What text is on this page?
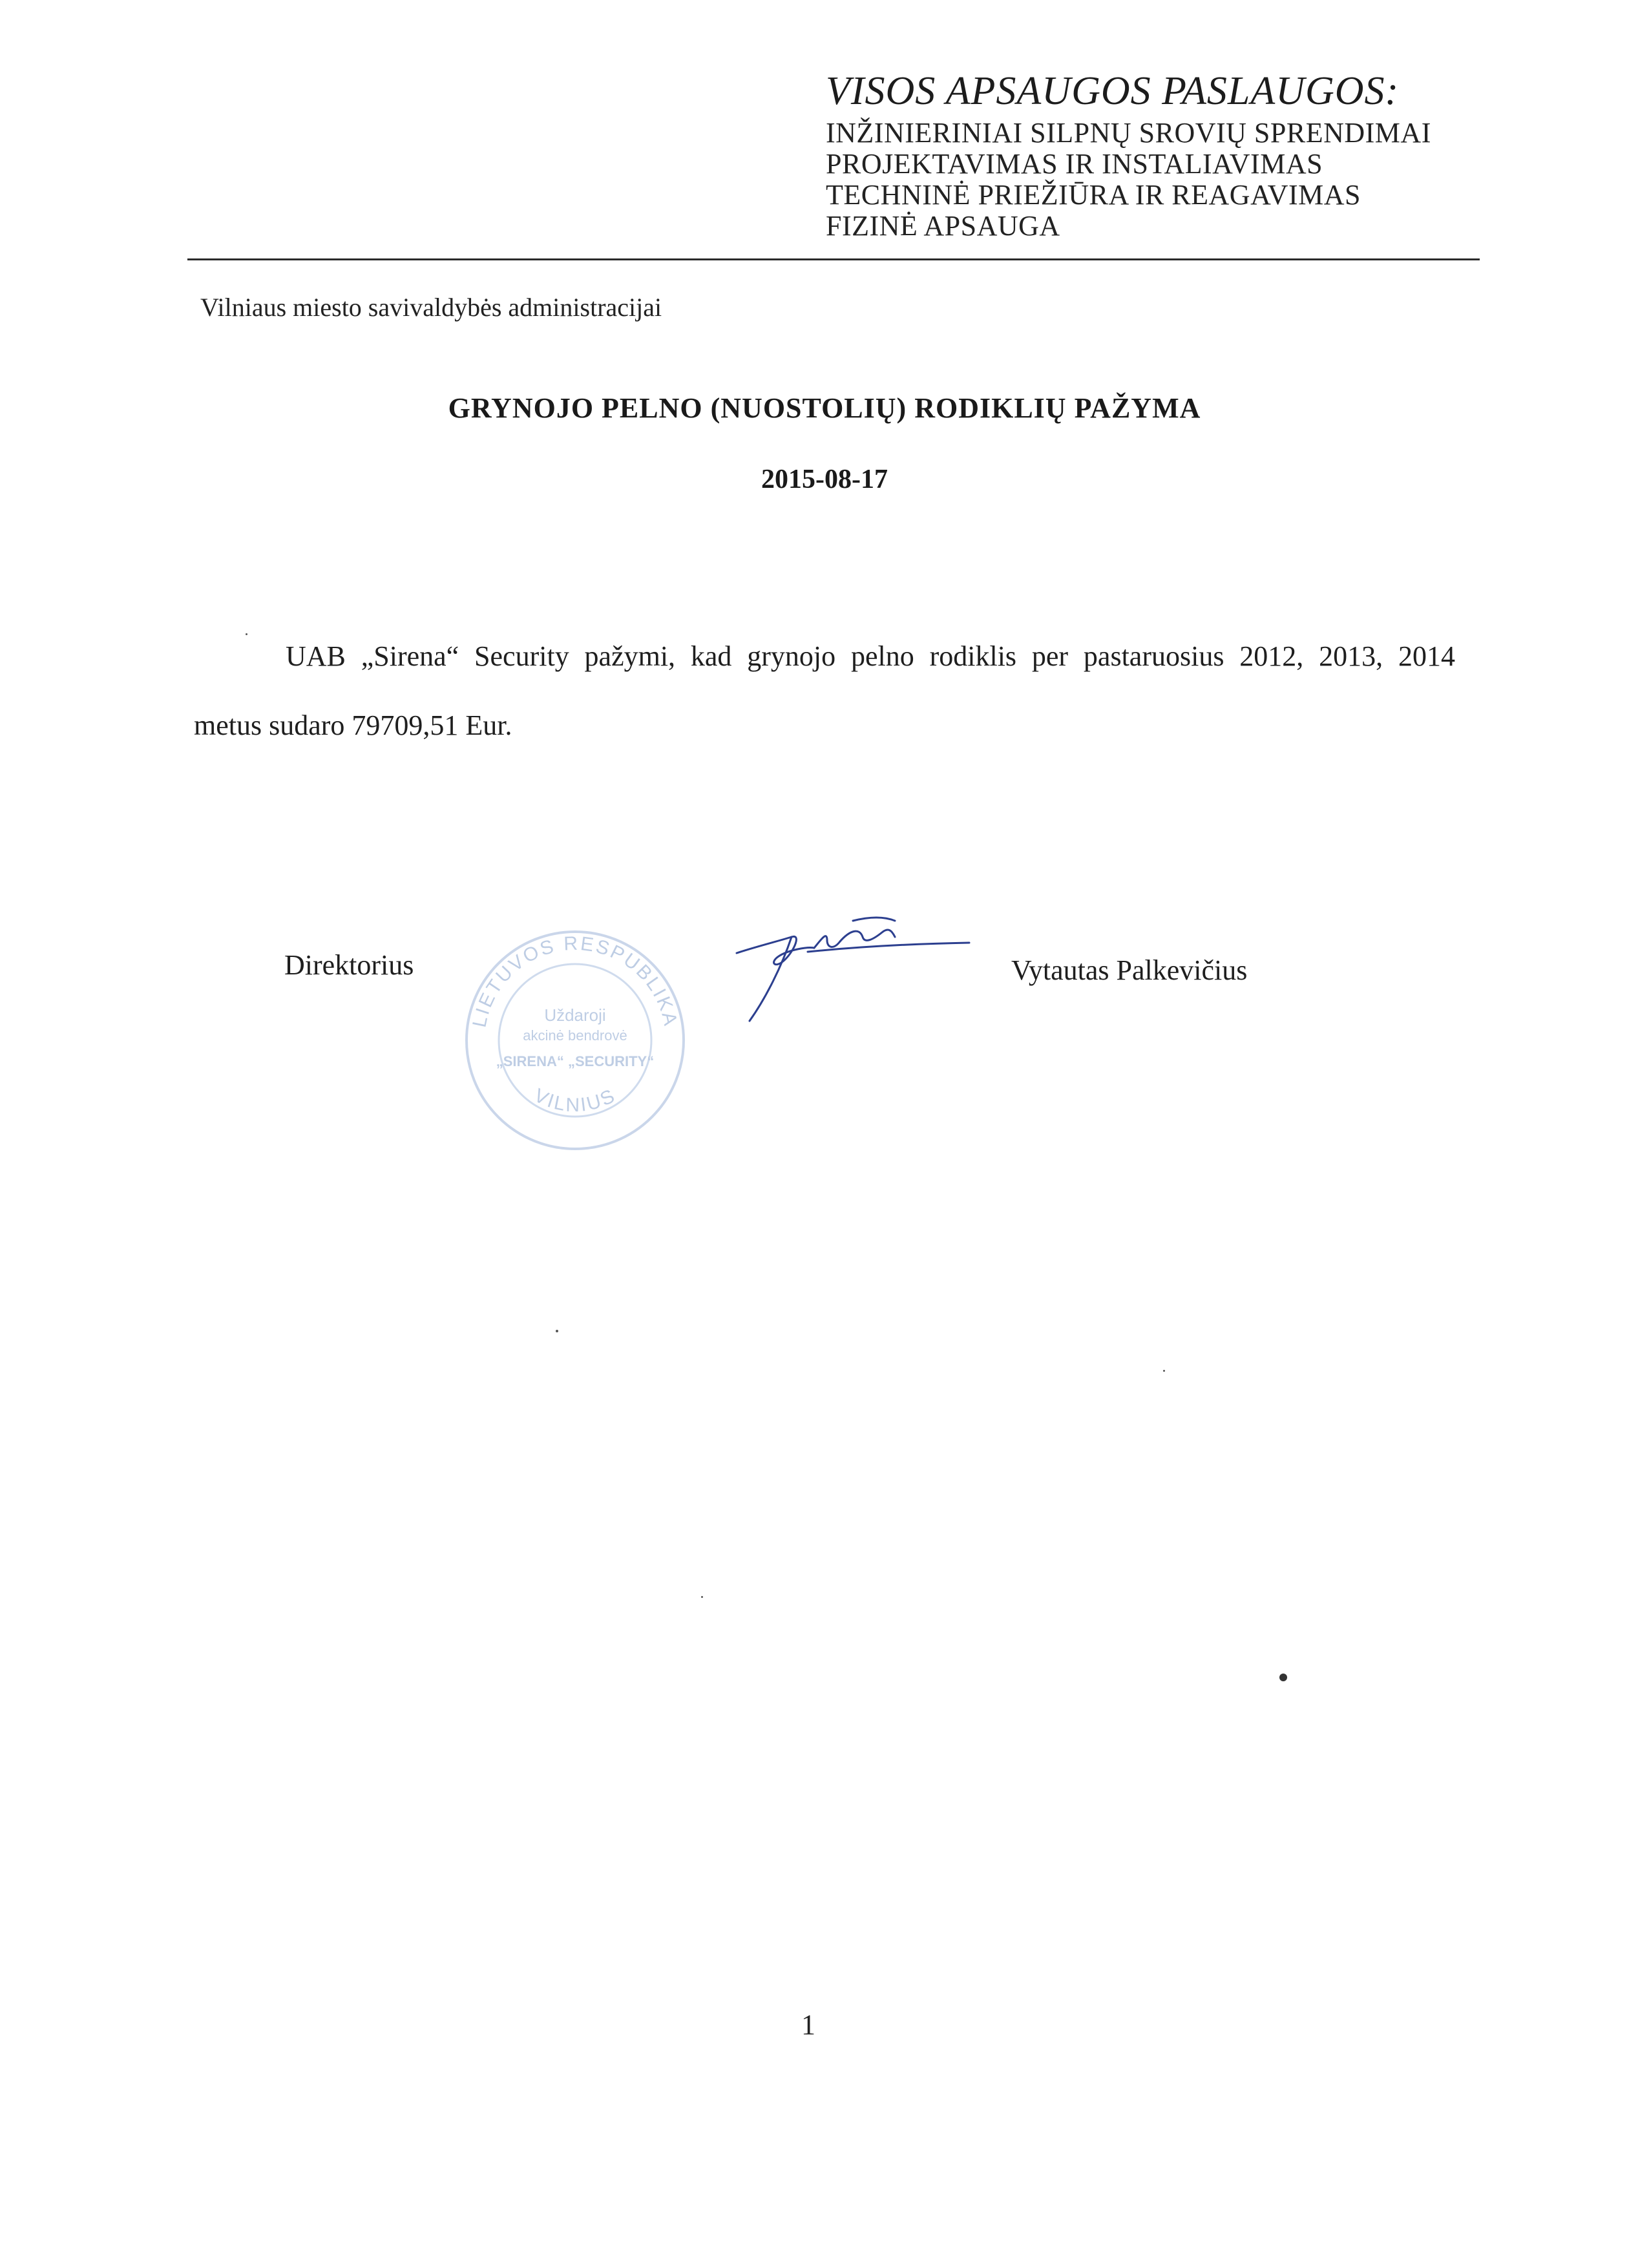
VISOS APSAUGOS PASLAUGOS:
INŽINIERINIAI SILPNŲ SROVIŲ SPRENDIMAI
PROJEKTAVIMAS IR INSTALIAVIMAS
TECHNINĖ PRIEŽIŪRA IR REAGAVIMAS
FIZINĖ APSAUGA
Vilniaus miesto savivaldybės administracijai
GRYNOJO PELNO (NUOSTOLIŲ) RODIKLIŲ PAŽYMA
2015-08-17
UAB „Sirena“ Security pažymi, kad grynojo pelno rodiklis per pastaruosius 2012, 2013, 2014
metus sudaro 79709,51 Eur.
Direktorius
LIETUVOS RESPUBLIKA
VILNIUS
Uždaroji
akcinė bendrovė
„SIRENA“ „SECURITY“
Vytautas Palkevičius
1
